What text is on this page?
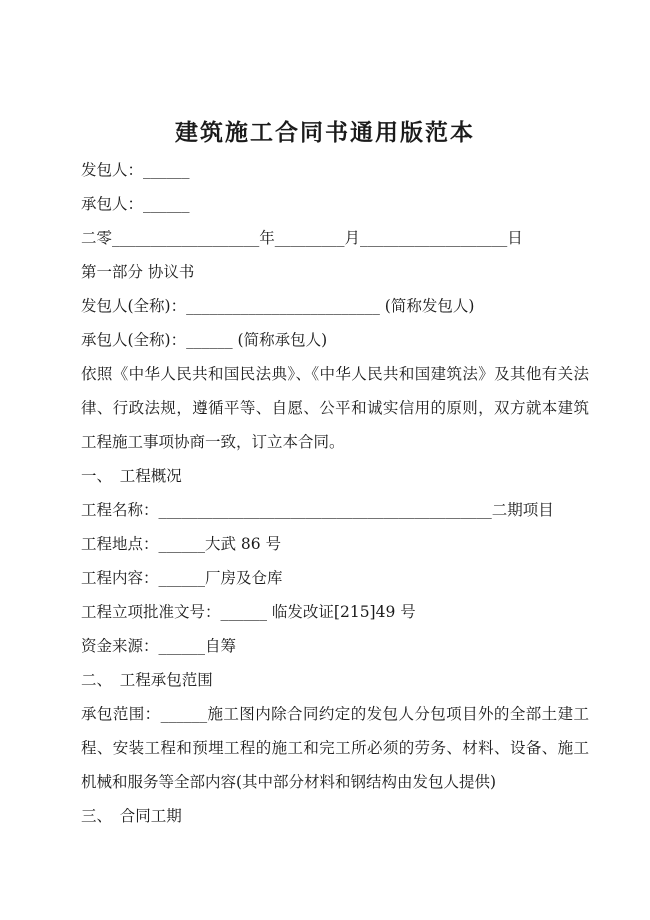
建筑施工合同书通用版范本
发包人：______
承包人：______
二零___________________年_________月___________________日
第一部分 协议书
发包人(全称)：_________________________ (简称发包人)
承包人(全称)：______ (简称承包人)
依照《中华人民共和国民法典》、《中华人民共和国建筑法》及其他有关法律、行政法规，遵循平等、自愿、公平和诚实信用的原则，双方就本建筑工程施工事项协商一致，订立本合同。
一、　工程概况
工程名称：___________________________________________二期项目
工程地点：______大武 86 号
工程内容：______厂房及仓库
工程立项批准文号：______ 临发改证[215]49 号
资金来源：______自筹
二、　工程承包范围
承包范围：______施工图内除合同约定的发包人分包项目外的全部土建工程、安装工程和预埋工程的施工和完工所必须的劳务、材料、设备、施工机械和服务等全部内容(其中部分材料和钢结构由发包人提供)
三、　合同工期
